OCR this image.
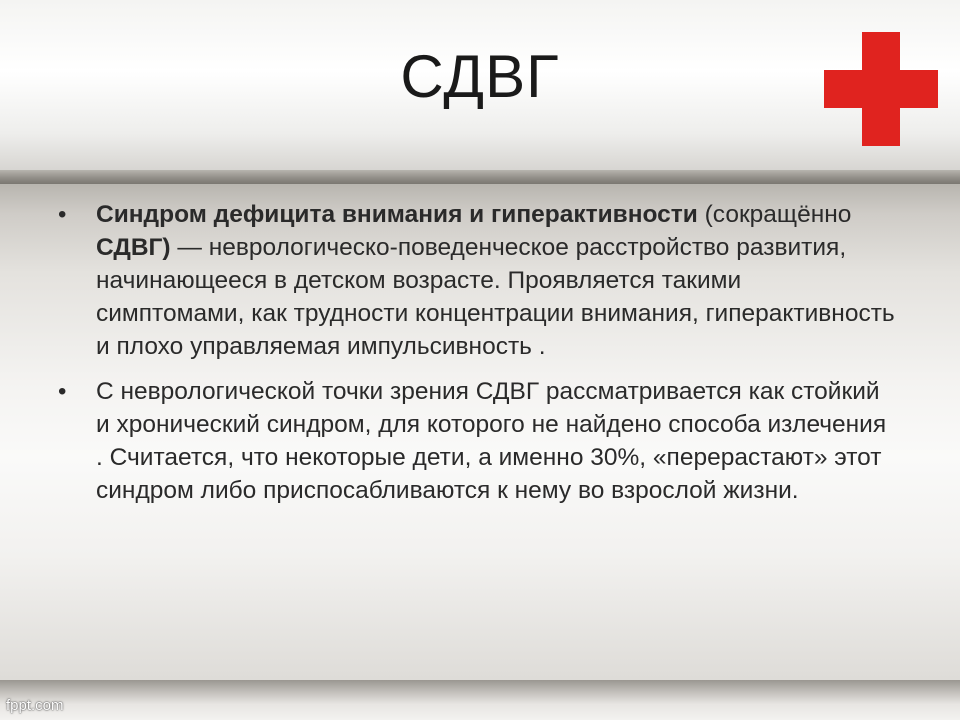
СДВГ
• Синдром дефицита внимания и гиперактивности (сокращённо СДВГ) — неврологическо-поведенческое расстройство развития, начинающееся в детском возрасте. Проявляется такими симптомами, как трудности концентрации внимания, гиперактивность и плохо управляемая импульсивность .
• С неврологической точки зрения СДВГ рассматривается как стойкий и хронический синдром, для которого не найдено способа излечения . Считается, что некоторые дети, а именно 30%, «перерастают» этот синдром либо приспосабливаются к нему во взрослой жизни.
fppt.com
